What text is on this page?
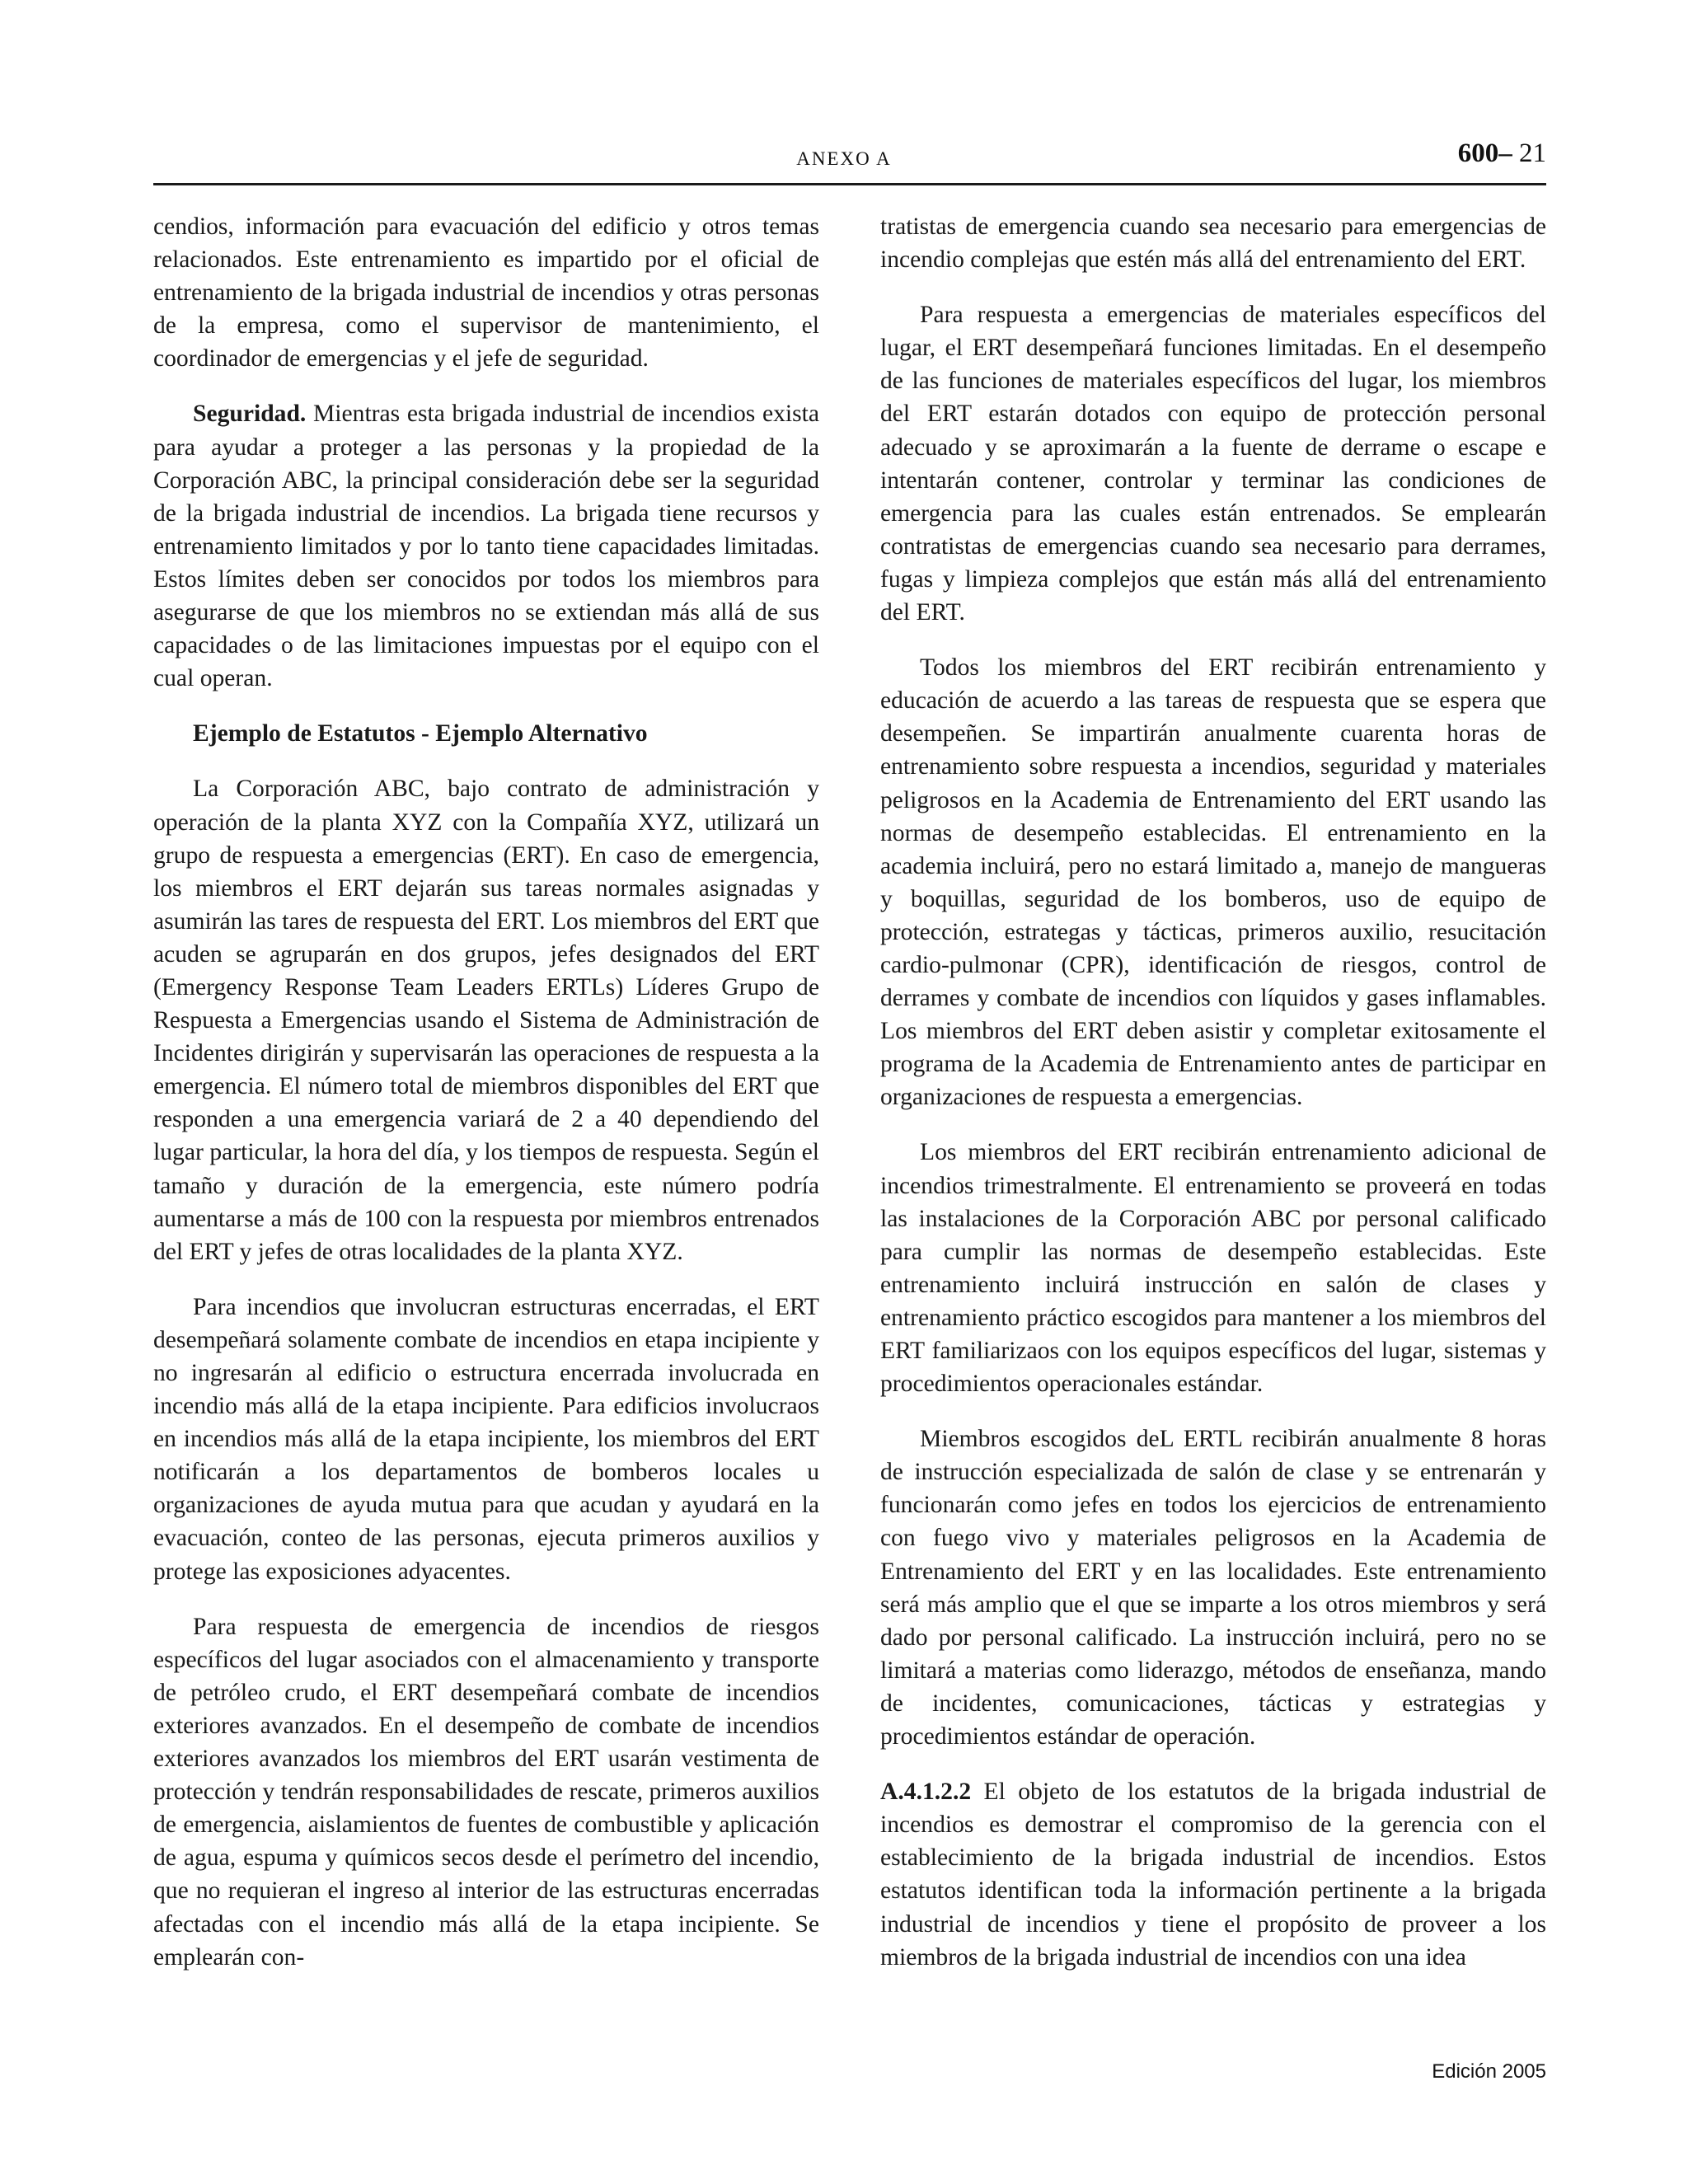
ANEXO A	600– 21

cendios, información para evacuación del edificio y otros temas relacionados. Este entrenamiento es impartido por el oficial de entrenamiento de la brigada industrial de incendios y otras personas de la empresa, como el supervisor de mantenimiento, el coordinador de emergencias y el jefe de seguridad.

Seguridad. Mientras esta brigada industrial de incendios exista para ayudar a proteger a las personas y la propiedad de la Corporación ABC, la principal consideración debe ser la seguridad de la brigada industrial de incendios. La brigada tiene recursos y entrenamiento limitados y por lo tanto tiene capacidades limitadas. Estos límites deben ser conocidos por todos los miembros para asegurarse de que los miembros no se extiendan más allá de sus capacidades o de las limitaciones impuestas por el equipo con el cual operan.

Ejemplo de Estatutos - Ejemplo Alternativo

La Corporación ABC, bajo contrato de administración y operación de la planta XYZ con la Compañía XYZ, utilizará un grupo de respuesta a emergencias (ERT). En caso de emergencia, los miembros el ERT dejarán sus tareas normales asignadas y asumirán las tares de respuesta del ERT. Los miembros del ERT que acuden se agruparán en dos grupos, jefes designados del ERT (Emergency Response Team Leaders ERTLs) Líderes Grupo de Respuesta a Emergencias usando el Sistema de Administración de Incidentes dirigirán y supervisarán las operaciones de respuesta a la emergencia. El número total de miembros disponibles del ERT que responden a una emergencia variará de 2 a 40 dependiendo del lugar particular, la hora del día, y los tiempos de respuesta. Según el tamaño y duración de la emergencia, este número podría aumentarse a más de 100 con la respuesta por miembros entrenados del ERT y jefes de otras localidades de la planta XYZ.

Para incendios que involucran estructuras encerradas, el ERT desempeñará solamente combate de incendios en etapa incipiente y no ingresarán al edificio o estructura encerrada involucrada en incendio más allá de la etapa incipiente. Para edificios involucraos en incendios más allá de la etapa incipiente, los miembros del ERT notificarán a los departamentos de bomberos locales u organizaciones de ayuda mutua para que acudan y ayudará en la evacuación, conteo de las personas, ejecuta primeros auxilios y protege las exposiciones adyacentes.

Para respuesta de emergencia de incendios de riesgos específicos del lugar asociados con el almacenamiento y transporte de petróleo crudo, el ERT desempeñará combate de incendios exteriores avanzados. En el desempeño de combate de incendios exteriores avanzados los miembros del ERT usarán vestimenta de protección y tendrán responsabilidades de rescate, primeros auxilios de emergencia, aislamientos de fuentes de combustible y aplicación de agua, espuma y químicos secos desde el perímetro del incendio, que no requieran el ingreso al interior de las estructuras encerradas afectadas con el incendio más allá de la etapa incipiente. Se emplearán con-

tratistas de emergencia cuando sea necesario para emergencias de incendio complejas que estén más allá del entrenamiento del ERT.

Para respuesta a emergencias de materiales específicos del lugar, el ERT desempeñará funciones limitadas. En el desempeño de las funciones de materiales específicos del lugar, los miembros del ERT estarán dotados con equipo de protección personal adecuado y se aproximarán a la fuente de derrame o escape e intentarán contener, controlar y terminar las condiciones de emergencia para las cuales están entrenados. Se emplearán contratistas de emergencias cuando sea necesario para derrames, fugas y limpieza complejos que están más allá del entrenamiento del ERT.

Todos los miembros del ERT recibirán entrenamiento y educación de acuerdo a las tareas de respuesta que se espera que desempeñen. Se impartirán anualmente cuarenta horas de entrenamiento sobre respuesta a incendios, seguridad y materiales peligrosos en la Academia de Entrenamiento del ERT usando las normas de desempeño establecidas. El entrenamiento en la academia incluirá, pero no estará limitado a, manejo de mangueras y boquillas, seguridad de los bomberos, uso de equipo de protección, estrategas y tácticas, primeros auxilio, resucitación cardio-pulmonar (CPR), identificación de riesgos, control de derrames y combate de incendios con líquidos y gases inflamables. Los miembros del ERT deben asistir y completar exitosamente el programa de la Academia de Entrenamiento antes de participar en organizaciones de respuesta a emergencias.

Los miembros del ERT recibirán entrenamiento adicional de incendios trimestralmente. El entrenamiento se proveerá en todas las instalaciones de la Corporación ABC por personal calificado para cumplir las normas de desempeño establecidas. Este entrenamiento incluirá instrucción en salón de clases y entrenamiento práctico escogidos para mantener a los miembros del ERT familiarizaos con los equipos específicos del lugar, sistemas y procedimientos operacionales estándar.

Miembros escogidos deL ERTL recibirán anualmente 8 horas de instrucción especializada de salón de clase y se entrenarán y funcionarán como jefes en todos los ejercicios de entrenamiento con fuego vivo y materiales peligrosos en la Academia de Entrenamiento del ERT y en las localidades. Este entrenamiento será más amplio que el que se imparte a los otros miembros y será dado por personal calificado. La instrucción incluirá, pero no se limitará a materias como liderazgo, métodos de enseñanza, mando de incidentes, comunicaciones, tácticas y estrategias y procedimientos estándar de operación.

A.4.1.2.2 El objeto de los estatutos de la brigada industrial de incendios es demostrar el compromiso de la gerencia con el establecimiento de la brigada industrial de incendios. Estos estatutos identifican toda la información pertinente a la brigada industrial de incendios y tiene el propósito de proveer a los miembros de la brigada industrial de incendios con una idea

Edición 2005
